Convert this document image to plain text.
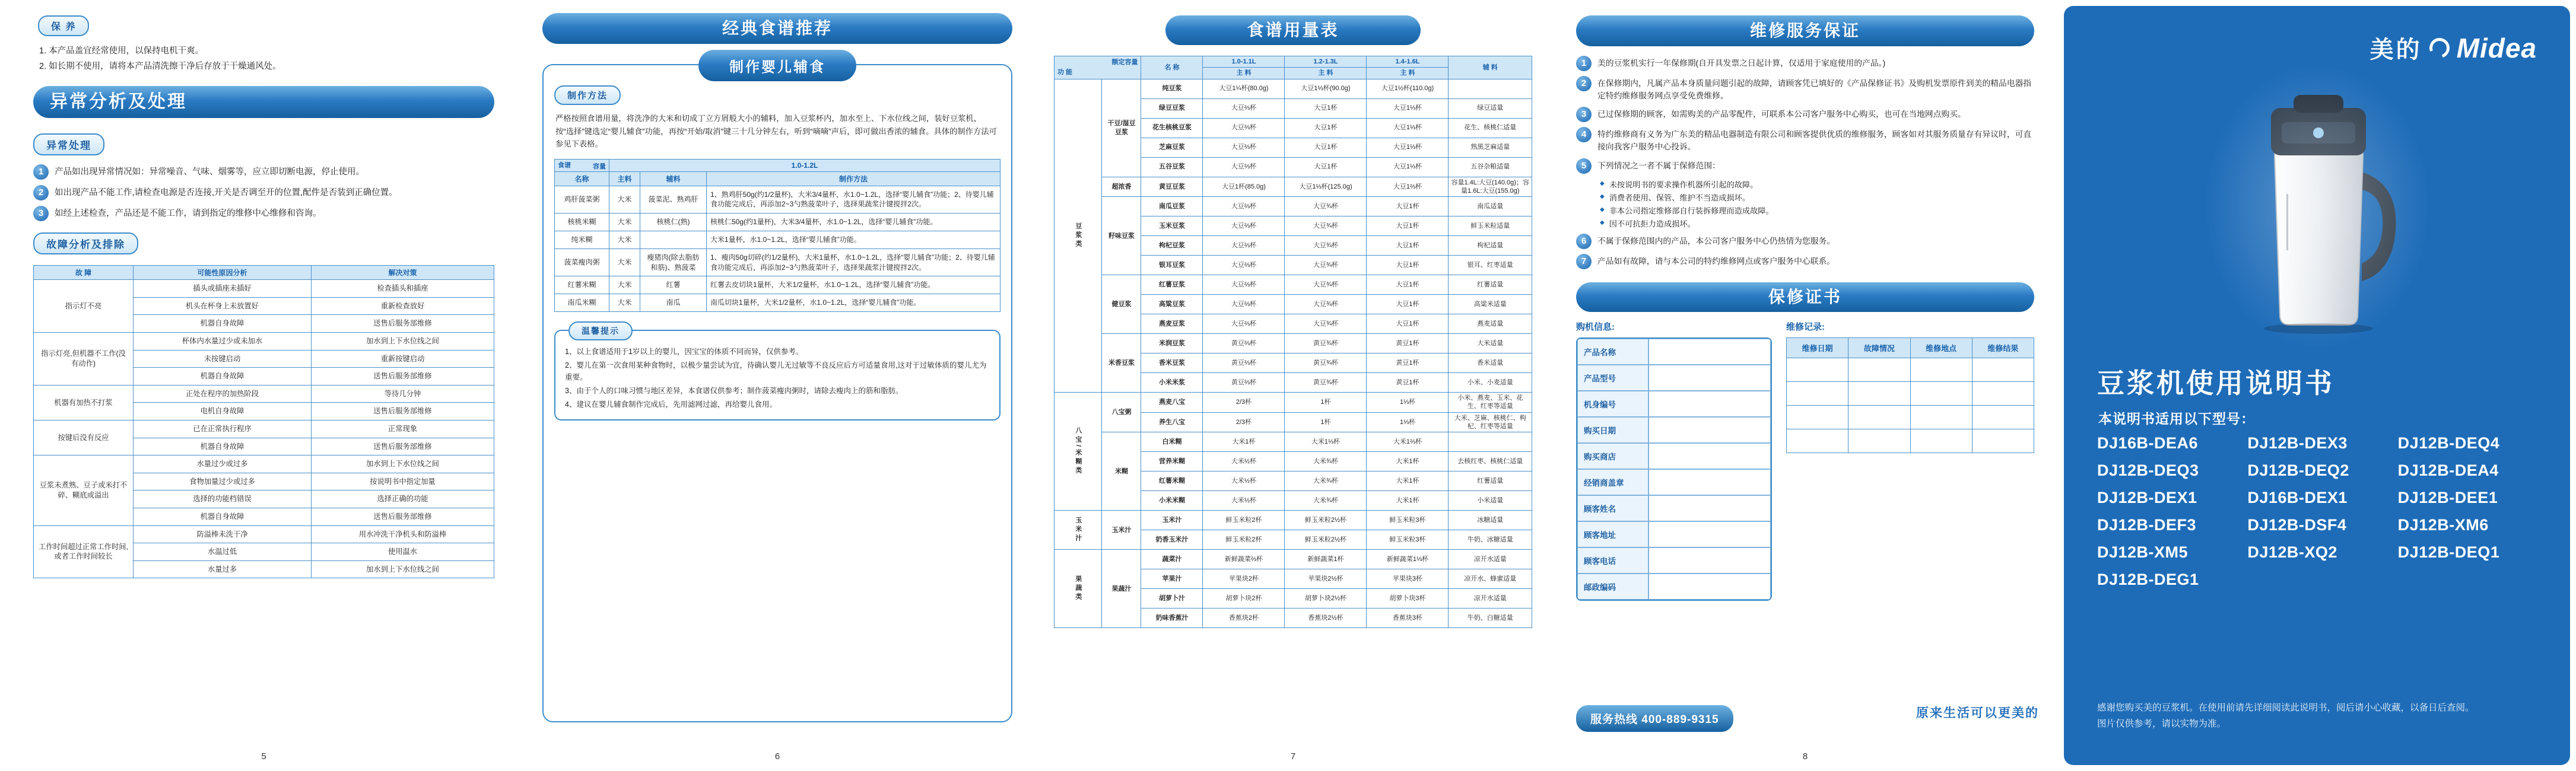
保 养
1. 本产品盖宜经常使用，以保持电机干爽。
2. 如长期不使用，请将本产品清洗擦干净后存放于干燥通风处。
异常分析及处理
异常处理
1	产品如出现异常情况如：异常噪音、气味、烟雾等，应立即切断电源，停止使用。
2	如出现产品不能工作,请检查电源是否连接,开关是否调至开的位置,配件是否装到正确位置。
3	如经上述检查，产品还是不能工作，请到指定的维修中心维修和咨询。
故障分析及排除
故 障	可能性原因分析	解决对策
指示灯不亮	插头或插座未插好	检查插头和插座
	机头在杯身上未放置好	重新检查放好
	机器自身故障	送售后服务部维修
指示灯亮,但机器不工作(没有动作)	杯体内水量过少或未加水	加水到上下水位线之间
	未按键启动	重新按键启动
	机器自身故障	送售后服务部维修
机器有加热不打浆	正处在程序的加热阶段	等待几分钟
	电机自身故障	送售后服务部维修
按键后没有反应	已在正常执行程序	正常现象
	机器自身故障	送售后服务部维修
豆浆未煮熟、豆子或米打不碎、糊底或溢出	水量过少或过多	加水到上下水位线之间
	食物加量过少或过多	按说明书中指定加量
	选择的功能档错误	选择正确的功能
	机器自身故障	送售后服务部维修
工作时间超过正常工作时间,或者工作时间较长	防溢棒未洗干净	用水冲洗干净机头和防溢棒
	水温过低	使用温水
	水量过多	加水到上下水位线之间
5
经典食谱推荐
制作婴儿辅食
制作方法

严格按照食谱用量，将洗净的大米和切成丁立方屑般大小的辅料，加入豆浆杯内，加水至上、下水位线之间，装好豆浆机，按“选择”键选定“婴儿辅食”功能，再按“开始/取消”键三十几分钟左右，听到“嘀嘀”声后，即可做出香浓的辅食。具体的制作方法可参见下表格。

容量
食谱	1.0-1.2L		
名称	主料	辅料	制作方法
鸡肝菠菜粥	大米	菠菜泥、熟鸡肝	1、熟鸡肝50g(约1/2量杯)，大米3/4量杯，水1.0~1.2L，选择“婴儿辅食”功能；2、待婴儿辅食功能完成后，再添加2~3勺熟菠菜叶子，选择果蔬浆汁键搅拌2次。
核桃米糊	大米	核桃仁(熟)	核桃仁50g(约1量杯)，大米3/4量杯，水1.0~1.2L，选择“婴儿辅食”功能。
纯米糊	大米		大米1量杯，水1.0~1.2L，选择“婴儿辅食”功能。
菠菜瘦肉粥	大米	瘦猪肉(除去脂肪和筋)、熟菠菜	1、瘦肉50g切碎(约1/2量杯)，大米1量杯，水1.0~1.2L，选择“婴儿辅食”功能；2、待婴儿辅食功能完成后，再添加2~3勺熟菠菜叶子，选择果蔬浆汁键搅拌2次。
红薯米糊	大米	红薯	红薯去皮切块1量杯，大米1/2量杯，水1.0~1.2L，选择“婴儿辅食”功能。
南瓜米糊	大米	南瓜	南瓜切块1量杯，大米1/2量杯，水1.0~1.2L，选择“婴儿辅食”功能。
温馨提示
1、以上食谱适用于1岁以上的婴儿，因宝宝的体质不同而异，仅供参考。
2、婴儿在第一次食用某种食物时，以极少量尝试为宜，待确认婴儿无过敏等不良反应后方可适量食用,这对于过敏体质的婴儿尤为重要。
3、由于个人的口味习惯与地区差异，本食谱仅供参考；制作菠菜瘦肉粥时，请除去瘦肉上的筋和脂肪。
4、建议在婴儿辅食制作完成后，先用滤网过滤，再给婴儿食用。
6
食谱用量表
额定容量
功 能		名 称	1.0-1.1L	1.2-1.3L	1.4-1.6L	辅 料
			主 料	主 料	主 料	
豆浆类	干豆/湿豆豆浆	纯豆浆	大豆1¼杯(80.0g)	大豆1⅓杯(90.0g)	大豆1½杯(110.0g)	
		绿豆豆浆	大豆⅔杯	大豆1杯	大豆1⅓杯	绿豆适量
		花生核桃豆浆	大豆⅔杯	大豆1杯	大豆1⅓杯	花生、核桃仁适量
		芝麻豆浆	大豆⅔杯	大豆1杯	大豆1⅓杯	熟黑芝麻适量
		五谷豆浆	大豆⅔杯	大豆1杯	大豆1⅓杯	五谷杂粮适量
	超浓香	黄豆豆浆	大豆1杯(85.0g)	大豆1⅓杯(125.0g)	大豆1⅔杯	容量1.4L:大豆(140.0g)；容量1.6L:大豆(155.0g)
	籽味豆浆	南瓜豆浆	大豆⅔杯	大豆¾杯	大豆1杯	南瓜适量
		玉米豆浆	大豆⅔杯	大豆¾杯	大豆1杯	鲜玉米粒适量
		枸杞豆浆	大豆⅔杯	大豆¾杯	大豆1杯	枸杞适量
		银耳豆浆	大豆⅔杯	大豆¾杯	大豆1杯	银耳、红枣适量
	健豆浆	红薯豆浆	大豆⅔杯	大豆¾杯	大豆1杯	红薯适量
		高粱豆浆	大豆⅔杯	大豆¾杯	大豆1杯	高粱米适量
		燕麦豆浆	大豆⅔杯	大豆¾杯	大豆1杯	燕麦适量
	米香豆浆	米润豆浆	黄豆⅔杯	黄豆¾杯	黄豆1杯	大米适量
		香米豆浆	黄豆⅔杯	黄豆¾杯	黄豆1杯	香米适量
		小米米浆	黄豆⅔杯	黄豆¾杯	黄豆1杯	小米、小麦适量
八宝/米糊类	八宝粥	燕麦八宝	2/3杯	1杯	1⅓杯	小米、燕麦、玉米、花生、红枣等适量
		养生八宝	2/3杯	1杯	1⅓杯	大米、芝麻、核桃仁、枸杞、红枣等适量
	米糊	白米糊	大米1杯	大米1⅓杯	大米1⅔杯	
		营养米糊	大米½杯	大米¾杯	大米1杯	去核红枣、核桃仁适量
		红薯米糊	大米½杯	大米¾杯	大米1杯	红薯适量
		小米米糊	大米½杯	大米¾杯	大米1杯	小米适量
玉米汁	玉米汁	玉米汁	鲜玉米粒2杯	鲜玉米粒2½杯	鲜玉米粒3杯	冰糖适量
		奶香玉米汁	鲜玉米粒2杯	鲜玉米粒2½杯	鲜玉米粒3杯	牛奶、冰糖适量
果蔬类	果蔬汁	蔬菜汁	新鲜蔬菜⅔杯	新鲜蔬菜1杯	新鲜蔬菜1⅓杯	凉开水适量
		苹果汁	苹果块2杯	苹果块2½杯	苹果块3杯	凉开水、蜂蜜适量
		胡萝卜汁	胡萝卜块2杯	胡萝卜块2½杯	胡萝卜块3杯	凉开水适量
		奶味香蕉汁	香蕉块2杯	香蕉块2½杯	香蕉块3杯	牛奶、白糖适量
7
维修服务保证
1	美的豆浆机实行一年保修期(自开具发票之日起计算，仅适用于家庭使用的产品。)
2	在保修期内，凡属产品本身质量问题引起的故障，请顾客凭已填好的《产品保修证书》及购机发票原件到美的精品电器指定特约维修服务网点享受免费维修。
3	已过保修期的顾客，如需购美的产品零配件，可联系本公司客户服务中心购买，也可在当地网点购买。
4	特约维修商有义务为广东美的精品电器制造有限公司和顾客提供优质的维修服务，顾客如对其服务质量存有异议时，可直接向我客户服务中心投诉。
5	下列情况之一者不属于保修范围：
◆ 未按说明书的要求操作机器所引起的故障。
◆ 消费者使用、保管、维护不当造成损坏。
◆ 非本公司指定维修部自行装拆修理而造成故障。
◆ 因不可抗拒力造成损坏。
6	不属于保修范围内的产品，本公司客户服务中心仍热情为您服务。
7	产品如有故障，请与本公司的特约维修网点或客户服务中心联系。
保修证书
购机信息:
产品名称	
产品型号	
机身编号	
购买日期	
购买商店	
经销商盖章	
顾客姓名	
顾客地址	
顾客电话	
邮政编码	
维修记录:
维修日期	故障情况	维修地点	维修结果

服务热线 400-889-9315	原来生活可以更美的
8
美的 Midea
豆浆机使用说明书
本说明书适用以下型号：
DJ16B-DEA6	DJ12B-DEX3	DJ12B-DEQ4
DJ12B-DEQ3	DJ12B-DEQ2	DJ12B-DEA4
DJ12B-DEX1	DJ16B-DEX1	DJ12B-DEE1
DJ12B-DEF3	DJ12B-DSF4	DJ12B-XM6
DJ12B-XM5	DJ12B-XQ2	DJ12B-DEQ1
DJ12B-DEG1
感谢您购买美的豆浆机。在使用前请先详细阅读此说明书，阅后请小心收藏，以备日后查阅。
图片仅供参考，请以实物为准。
